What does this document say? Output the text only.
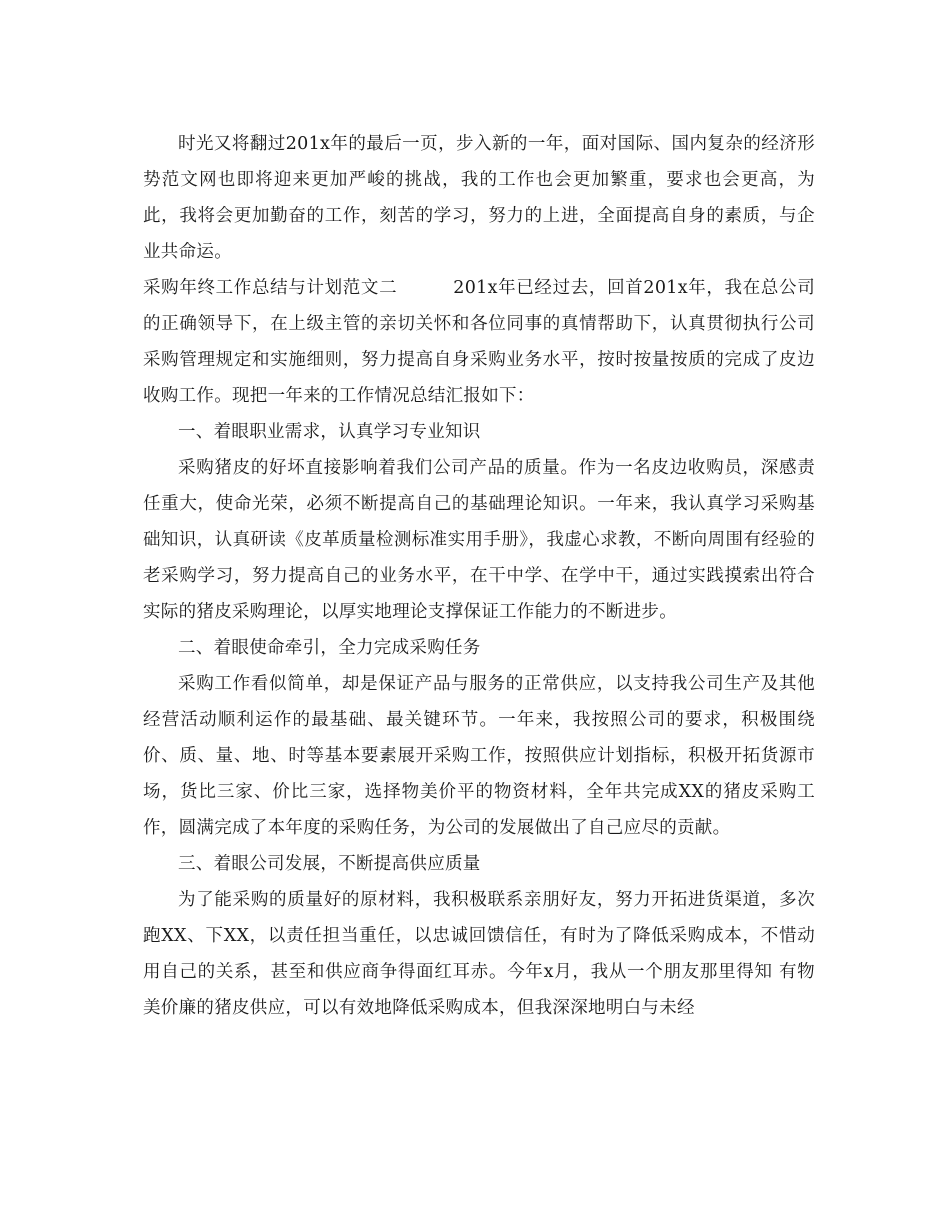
时光又将翻过201x年的最后一页，步入新的一年，面对国际、国内复杂的经济形势范文网也即将迎来更加严峻的挑战，我的工作也会更加繁重，要求也会更高，为此，我将会更加勤奋的工作，刻苦的学习，努力的上进，全面提高自身的素质，与企业共命运。

采购年终工作总结与计划范文二	201x年已经过去，回首201x年，我在总公司的正确领导下，在上级主管的亲切关怀和各位同事的真情帮助下，认真贯彻执行公司采购管理规定和实施细则，努力提高自身采购业务水平，按时按量按质的完成了皮边收购工作。现把一年来的工作情况总结汇报如下：

一、着眼职业需求，认真学习专业知识

采购猪皮的好坏直接影响着我们公司产品的质量。作为一名皮边收购员，深感责任重大，使命光荣，必须不断提高自己的基础理论知识。一年来，我认真学习采购基础知识，认真研读《皮革质量检测标准实用手册》，我虚心求教，不断向周围有经验的老采购学习，努力提高自己的业务水平，在干中学、在学中干，通过实践摸索出符合实际的猪皮采购理论，以厚实地理论支撑保证工作能力的不断进步。

二、着眼使命牵引，全力完成采购任务

采购工作看似简单，却是保证产品与服务的正常供应，以支持我公司生产及其他经营活动顺利运作的最基础、最关键环节。一年来，我按照公司的要求，积极围绕价、质、量、地、时等基本要素展开采购工作，按照供应计划指标，积极开拓货源市场，货比三家、价比三家，选择物美价平的物资材料，全年共完成XX的猪皮采购工作，圆满完成了本年度的采购任务，为公司的发展做出了自己应尽的贡献。

三、着眼公司发展，不断提高供应质量

为了能采购的质量好的原材料，我积极联系亲朋好友，努力开拓进货渠道，多次跑XX、下XX，以责任担当重任，以忠诚回馈信任，有时为了降低采购成本，不惜动用自己的关系，甚至和供应商争得面红耳赤。今年x月，我从一个朋友那里得知 有物美价廉的猪皮供应，可以有效地降低采购成本，但我深深地明白与未经
